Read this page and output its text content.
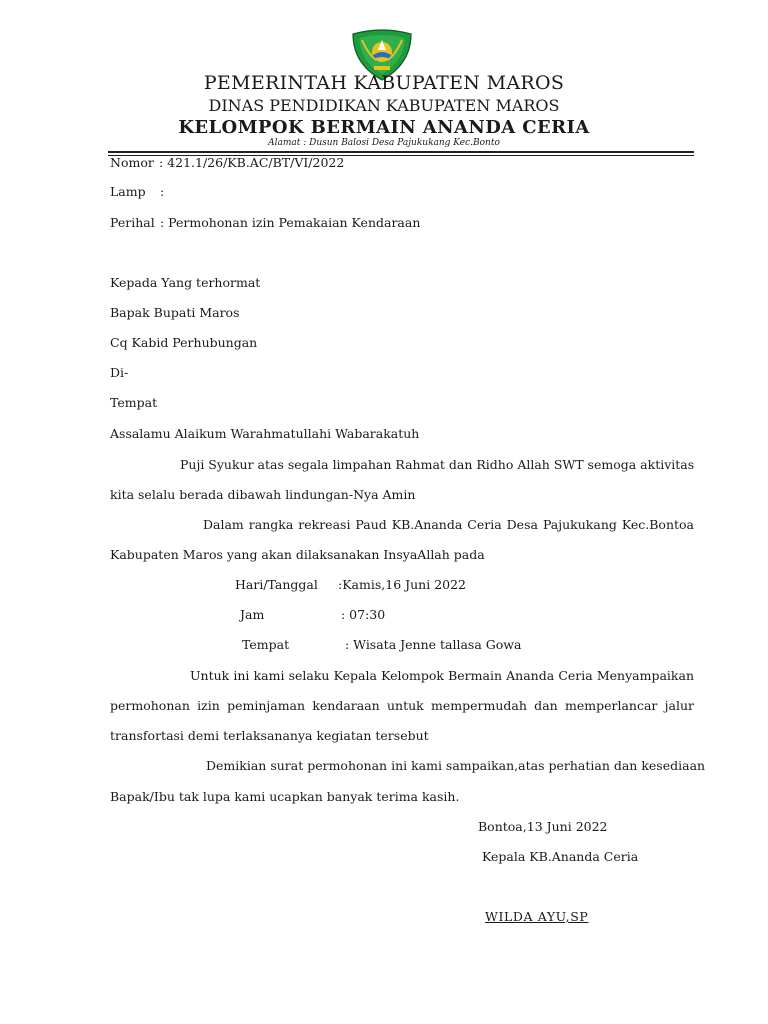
PEMERINTAH KABUPATEN MAROS
DINAS PENDIDIKAN KABUPATEN MAROS
KELOMPOK BERMAIN ANANDA CERIA
Alamat : Dusun Balosi Desa Pajukukang Kec.Bonto
Nomor : 421.1/26/KB.AC/BT/VI/2022
Lamp :
Perihal : Permohonan izin Pemakaian Kendaraan
Kepada Yang terhormat
Bapak Bupati Maros
Cq Kabid Perhubungan
Di-
Tempat
Assalamu Alaikum Warahmatullahi Wabarakatuh
Puji Syukur atas segala limpahan Rahmat dan Ridho Allah SWT semoga aktivitas
kita selalu berada dibawah lindungan-Nya Amin
Dalam rangka rekreasi Paud KB.Ananda Ceria Desa Pajukukang Kec.Bontoa
Kabupaten Maros yang akan dilaksanakan InsyaAllah pada
Hari/Tanggal :Kamis,16 Juni 2022
Jam	: 07:30
Tempat	: Wisata Jenne tallasa Gowa
Untuk ini kami selaku Kepala Kelompok Bermain Ananda Ceria Menyampaikan
permohonan izin peminjaman kendaraan untuk mempermudah dan memperlancar jalur
transfortasi demi terlaksananya kegiatan tersebut
Demikian surat permohonan ini kami sampaikan,atas perhatian dan kesediaan
Bapak/Ibu tak lupa kami ucapkan banyak terima kasih.
Bontoa,13 Juni 2022
Kepala KB.Ananda Ceria
WILDA AYU,SP
